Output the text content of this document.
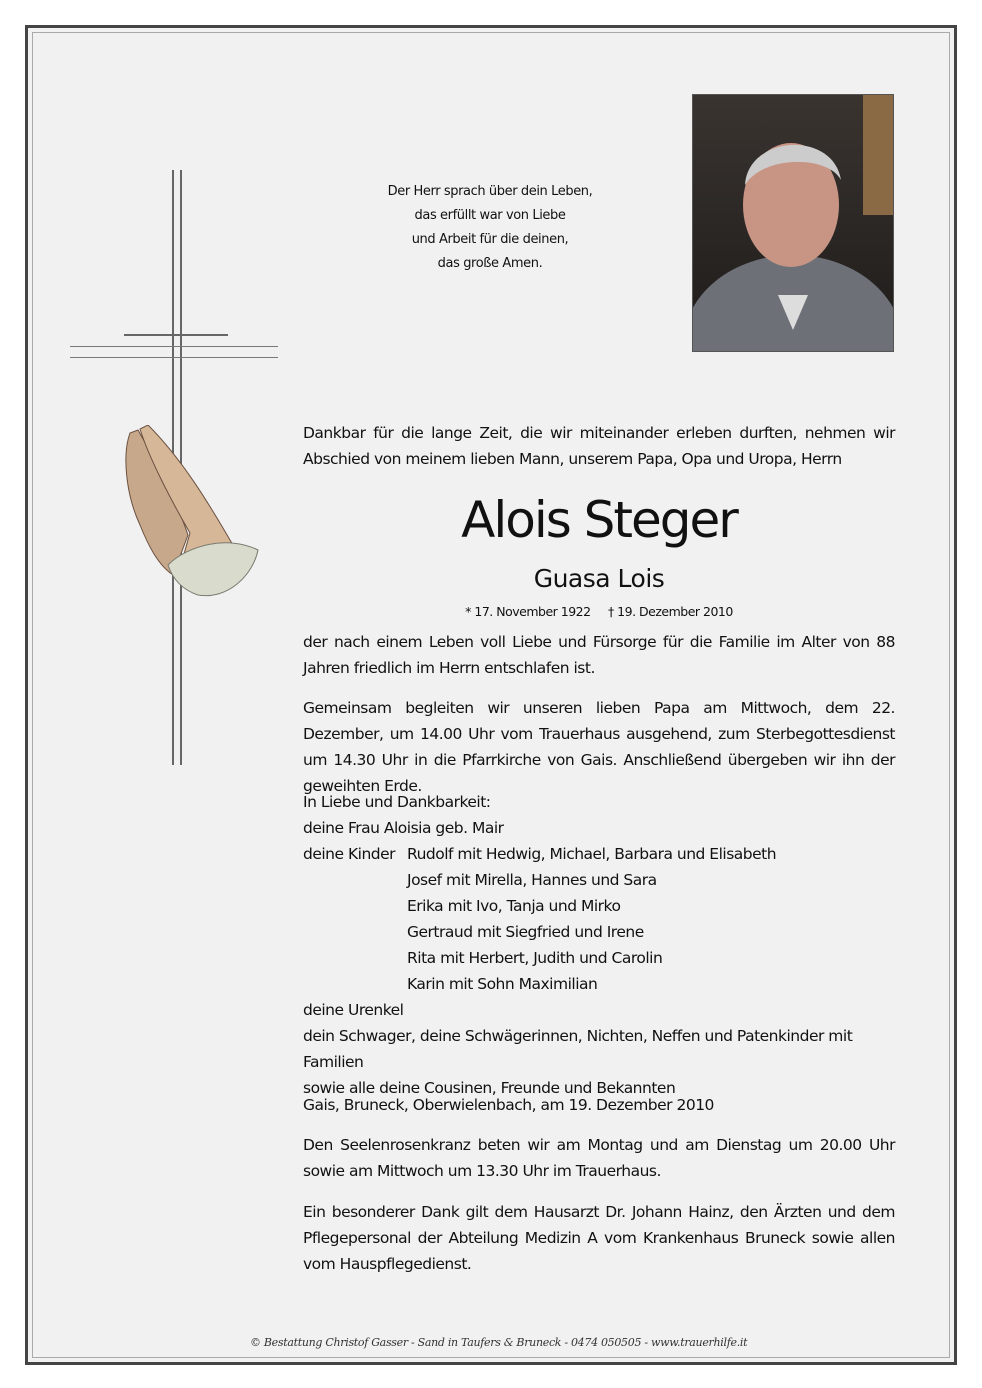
Der Herr sprach über dein Leben,
das erfüllt war von Liebe
und Arbeit für die deinen,
das große Amen.

Dankbar für die lange Zeit, die wir miteinander erleben durften, nehmen wir Abschied von meinem lieben Mann, unserem Papa, Opa und Uropa, Herrn

Alois Steger
Guasa Lois
* 17. November 1922 † 19. Dezember 2010
der nach einem Leben voll Liebe und Fürsorge für die Familie im Alter von 88 Jahren friedlich im Herrn entschlafen ist.
Gemeinsam begleiten wir unseren lieben Papa am Mittwoch, dem 22. Dezember, um 14.00 Uhr vom Trauerhaus ausgehend, zum Sterbegottesdienst um 14.30 Uhr in die Pfarrkirche von Gais. Anschließend übergeben wir ihn der geweihten Erde.
In Liebe und Dankbarkeit:
deine Frau Aloisia geb. Mair
deine Kinder Rudolf mit Hedwig, Michael, Barbara und Elisabeth
Josef mit Mirella, Hannes und Sara
Erika mit Ivo, Tanja und Mirko
Gertraud mit Siegfried und Irene
Rita mit Herbert, Judith und Carolin
Karin mit Sohn Maximilian
deine Urenkel
dein Schwager, deine Schwägerinnen, Nichten, Neffen und Patenkinder mit Familien
sowie alle deine Cousinen, Freunde und Bekannten
Gais, Bruneck, Oberwielenbach, am 19. Dezember 2010
Den Seelenrosenkranz beten wir am Montag und am Dienstag um 20.00 Uhr sowie am Mittwoch um 13.30 Uhr im Trauerhaus.
Ein besonderer Dank gilt dem Hausarzt Dr. Johann Hainz, den Ärzten und dem Pflegepersonal der Abteilung Medizin A vom Krankenhaus Bruneck sowie allen vom Hauspflegedienst.
© Bestattung Christof Gasser - Sand in Taufers & Bruneck - 0474 050505 - www.trauerhilfe.it
